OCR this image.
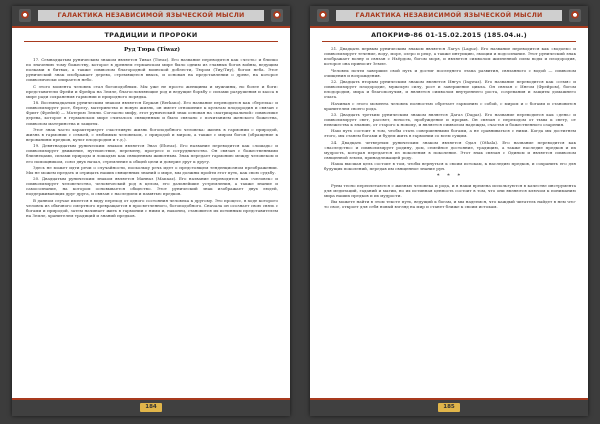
ГАЛАКТИКА НЕЗАВИСИМОЙ ЯЗЫЧЕСКОЙ МЫСЛИ
ТРАДИЦИИ И ПРОРОКИ

Руд Тюра (Tiwaz)

17. Семнадцатым руническим знаком является Тиваз (Tiwaz). Его название переводится как «честь» и близко по значению тому божеству, которое в древнем германском мире было одним из главных богов войны, ведущим полками в битвах, а также символом благородной воинской доблести, Тюром (Тиу/Тиу), богом неба. Этот рунический знак изображает дерево, стремящееся ввысь, и основан на представлении о древе, на которое символически опирается небо.

С этого момента человек стал богоподобным. Мы уже не просто женщины и мужчины, но более и боги: представители Фрейи и Фрейра на Земле, благословляющие род и ведущие борьбу с силами разрушения и хаоса в мире ради сохранения гармонии и природного порядка.

18. Восемнадцатым руническим знаком является Беркан (Berkano). Его название переводится как «березка» и символизирует рост, березу, материнство и новую жизнь, он имеет отношение к культам плодородия и связан с Фригг (Фрейей) — Матерью Земли. Согласно мифу, этот рунический знак основан на «матриархальной» символике дерева, которое в германском мире считалось священным и было связано с почитанием женского божества, символом материнства и защиты.

Этот знак часто характеризует счастливую жизнь богоподобного человека: жизнь в гармонии с природой, жизнь в гармонии с семьей, с любимым человеком, с природой и миром, а также с миром богов (обращение к верованиям предков, культ плодородия и т.д.).

19. Девятнадцатым руническим знаком является Эваз (Ehwaz). Его название переводится как «лошадь» и символизирует движение, путешествие, перемену, прогресс и сотрудничество. Он связан с божественными близнецами, силами природы и лошадью как священным животным. Знак передает гармонию между человеком и его помощником, союз двух начал, стремление к общей цели и доверие друг к другу.

Здесь не может идти речи о случайности, поскольку речь идет о предстоящем тенденциозном преображении. Мы не можем предать и отрицать наших священных знаний о мире, мы должны пройти этот путь, как свою судьбу.

20. Двадцатым руническим знаком является Манназ (Mannaz). Его название переводится как «человек» и символизирует человечество, человеческий род в целом, его дальнейшие устремления, а также знание и самосознание, на котором основывается общество. Этот рунический знак изображает двух людей, поддерживающих друг друга, и связан с наследием и памятью предков.

В данном случае имеется в виду переход от одного состояния человека к другому. Это процесс, в ходе которого человек из обычного смертного превращается в просветленного, богоподобного. Сначала он осознает свою связь с богами и природой, затем начинает жить в гармонии с ними и, наконец, становится их истинным представителем на Земле, хранителем традиций и знаний предков.

184
ГАЛАКТИКА НЕЗАВИСИМОЙ ЯЗЫЧЕСКОЙ МЫСЛИ
АПОКРИФ-86 01-15.02.2015 (185.04.н.)

21. Двадцать первым руническим знаком является Лагуз (Laguz). Его название переводится как «водоем» и символизирует течение, воду, море, озеро и реку, а также интуицию, эмоции и подсознание. Этот рунический знак изображает волну и связан с Ньёрдом, богом моря, и является символом жизненной силы воды и плодородия, которое она приносит Земле.

Человек почти завершил свой путь и достиг последнего этапа развития, связанного с водой — символом очищения и возрождения.

22. Двадцать вторым руническим знаком является Ингуз (Ingwaz). Его название переводится как «семя» и символизирует плодородие, мужскую силу, рост и завершение цикла. Он связан с Ингом (Фрейром), богом плодородия, мира и благополучия, и является символом внутреннего роста, созревания и защиты домашнего очага.

Начиная с этого момента человек полностью обретает гармонию с собой, с миром и с богами и становится хранителем своего рода.

23. Двадцать третьим руническим знаком является Дагаз (Dagaz). Его название переводится как «день» и символизирует свет, рассвет, ясность, пробуждение и прорыв. Он связан с переходом от тьмы к свету, от невежества к знанию, от старого к новому, и является символом надежды, счастья и божественного озарения.

Наш путь состоит в том, чтобы стать совершенными богами, а не сравниваться с ними. Когда мы достигнем этого, мы станем богами и будем жить в гармонии со всем сущим.

24. Двадцать четвертым руническим знаком является Одал (Othala). Его название переводится как «наследство» и символизирует родину, дом, семейное достояние, традицию, а также наследие предков и их мудрость, которая передается из поколения в поколение. Этот знак связан с Одином и является символом священной земли, принадлежащей роду.

Наша высшая цель состоит в том, чтобы вернуться к своим истокам, к наследию предков, и сохранить его для будущих поколений, передав им священное знание рун.

* * *

Руны тесно переплетаются с жизнью человека и рода, и в наши времена используются в качестве инструмента для медитаций, гаданий и магии, но их истинная ценность состоит в том, что они являются ключом к пониманию мира наших предков и их мудрости.

Вы можете найти в этом тексте путь, ведущий к богам, и мы надеемся, что каждый читатель найдет в нем что-то свое, откроет для себя новый взгляд на мир и станет ближе к своим истокам.

185
